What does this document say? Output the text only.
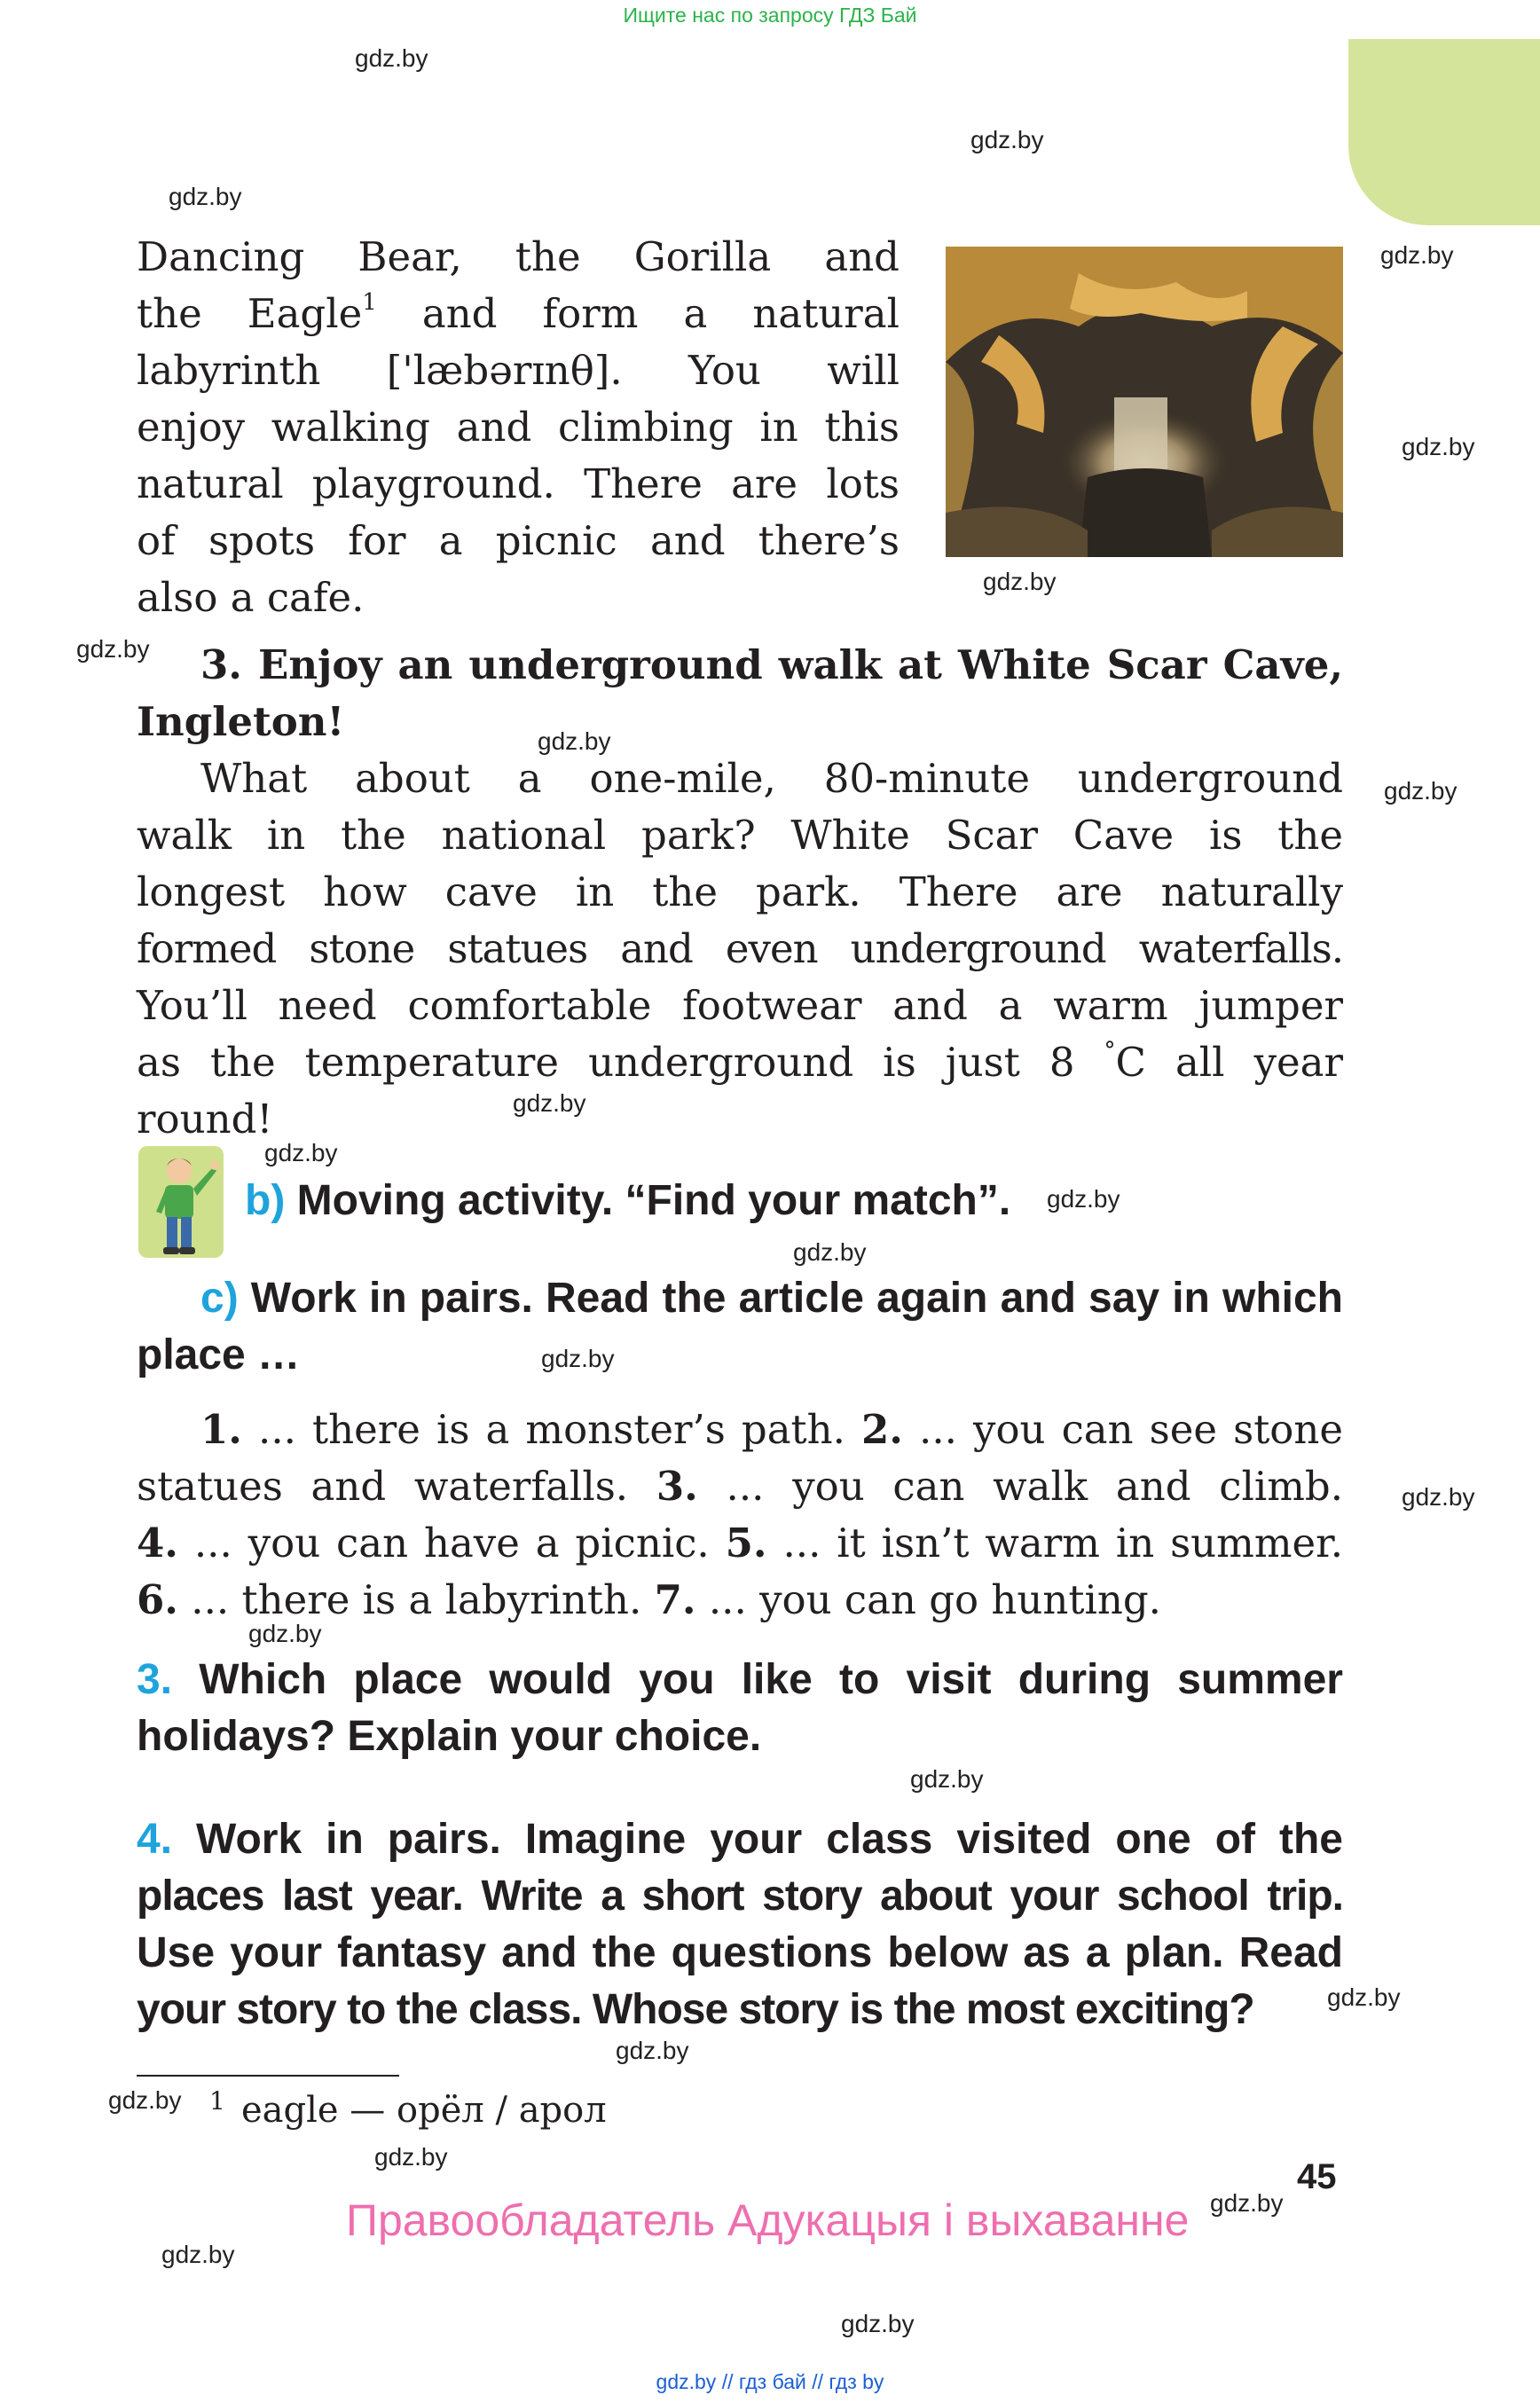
Ищите нас по запросу ГДЗ Бай
gdz.by
gdz.by
gdz.by
gdz.by
gdz.by
gdz.by
gdz.by
gdz.by
gdz.by
gdz.by
gdz.by
gdz.by
gdz.by
gdz.by
gdz.by
gdz.by
gdz.by
gdz.by
gdz.by
gdz.by
gdz.by
gdz.by
gdz.by
gdz.by
Dancing Bear, the Gorilla and
the Eagle$^1$ and form a natural
labyrinth ['læbərɪnθ]. You will
enjoy walking and climbing in this
natural playground. There are lots
of spots for a picnic and there’s
also a cafe.
3. Enjoy an underground walk at White Scar Cave,
Ingleton!
What about a one-mile, 80-minute underground
walk in the national park? White Scar Cave is the
longest how cave in the park. There are naturally
formed stone statues and even underground waterfalls.
You’ll need comfortable footwear and a warm jumper
as the temperature underground is just 8 °C all year
round!
b) Moving activity. “Find your match”.
c) Work in pairs. Read the article again and say in which
place …
1. ... there is a monster’s path. 2. ... you can see stone
statues and waterfalls. 3. ... you can walk and climb.
4. ... you can have a picnic. 5. ... it isn’t warm in summer.
6. ... there is a labyrinth. 7. ... you can go hunting.
3. Which place would you like to visit during summer
holidays? Explain your choice.
4. Work in pairs. Imagine your class visited one of the
places last year. Write a short story about your school trip.
Use your fantasy and the questions below as a plan. Read
your story to the class. Whose story is the most exciting?
1 eagle — орёл / арол
45
Правообладатель Адукацыя і выхаванне
gdz.by // гдз бай // гдз by
